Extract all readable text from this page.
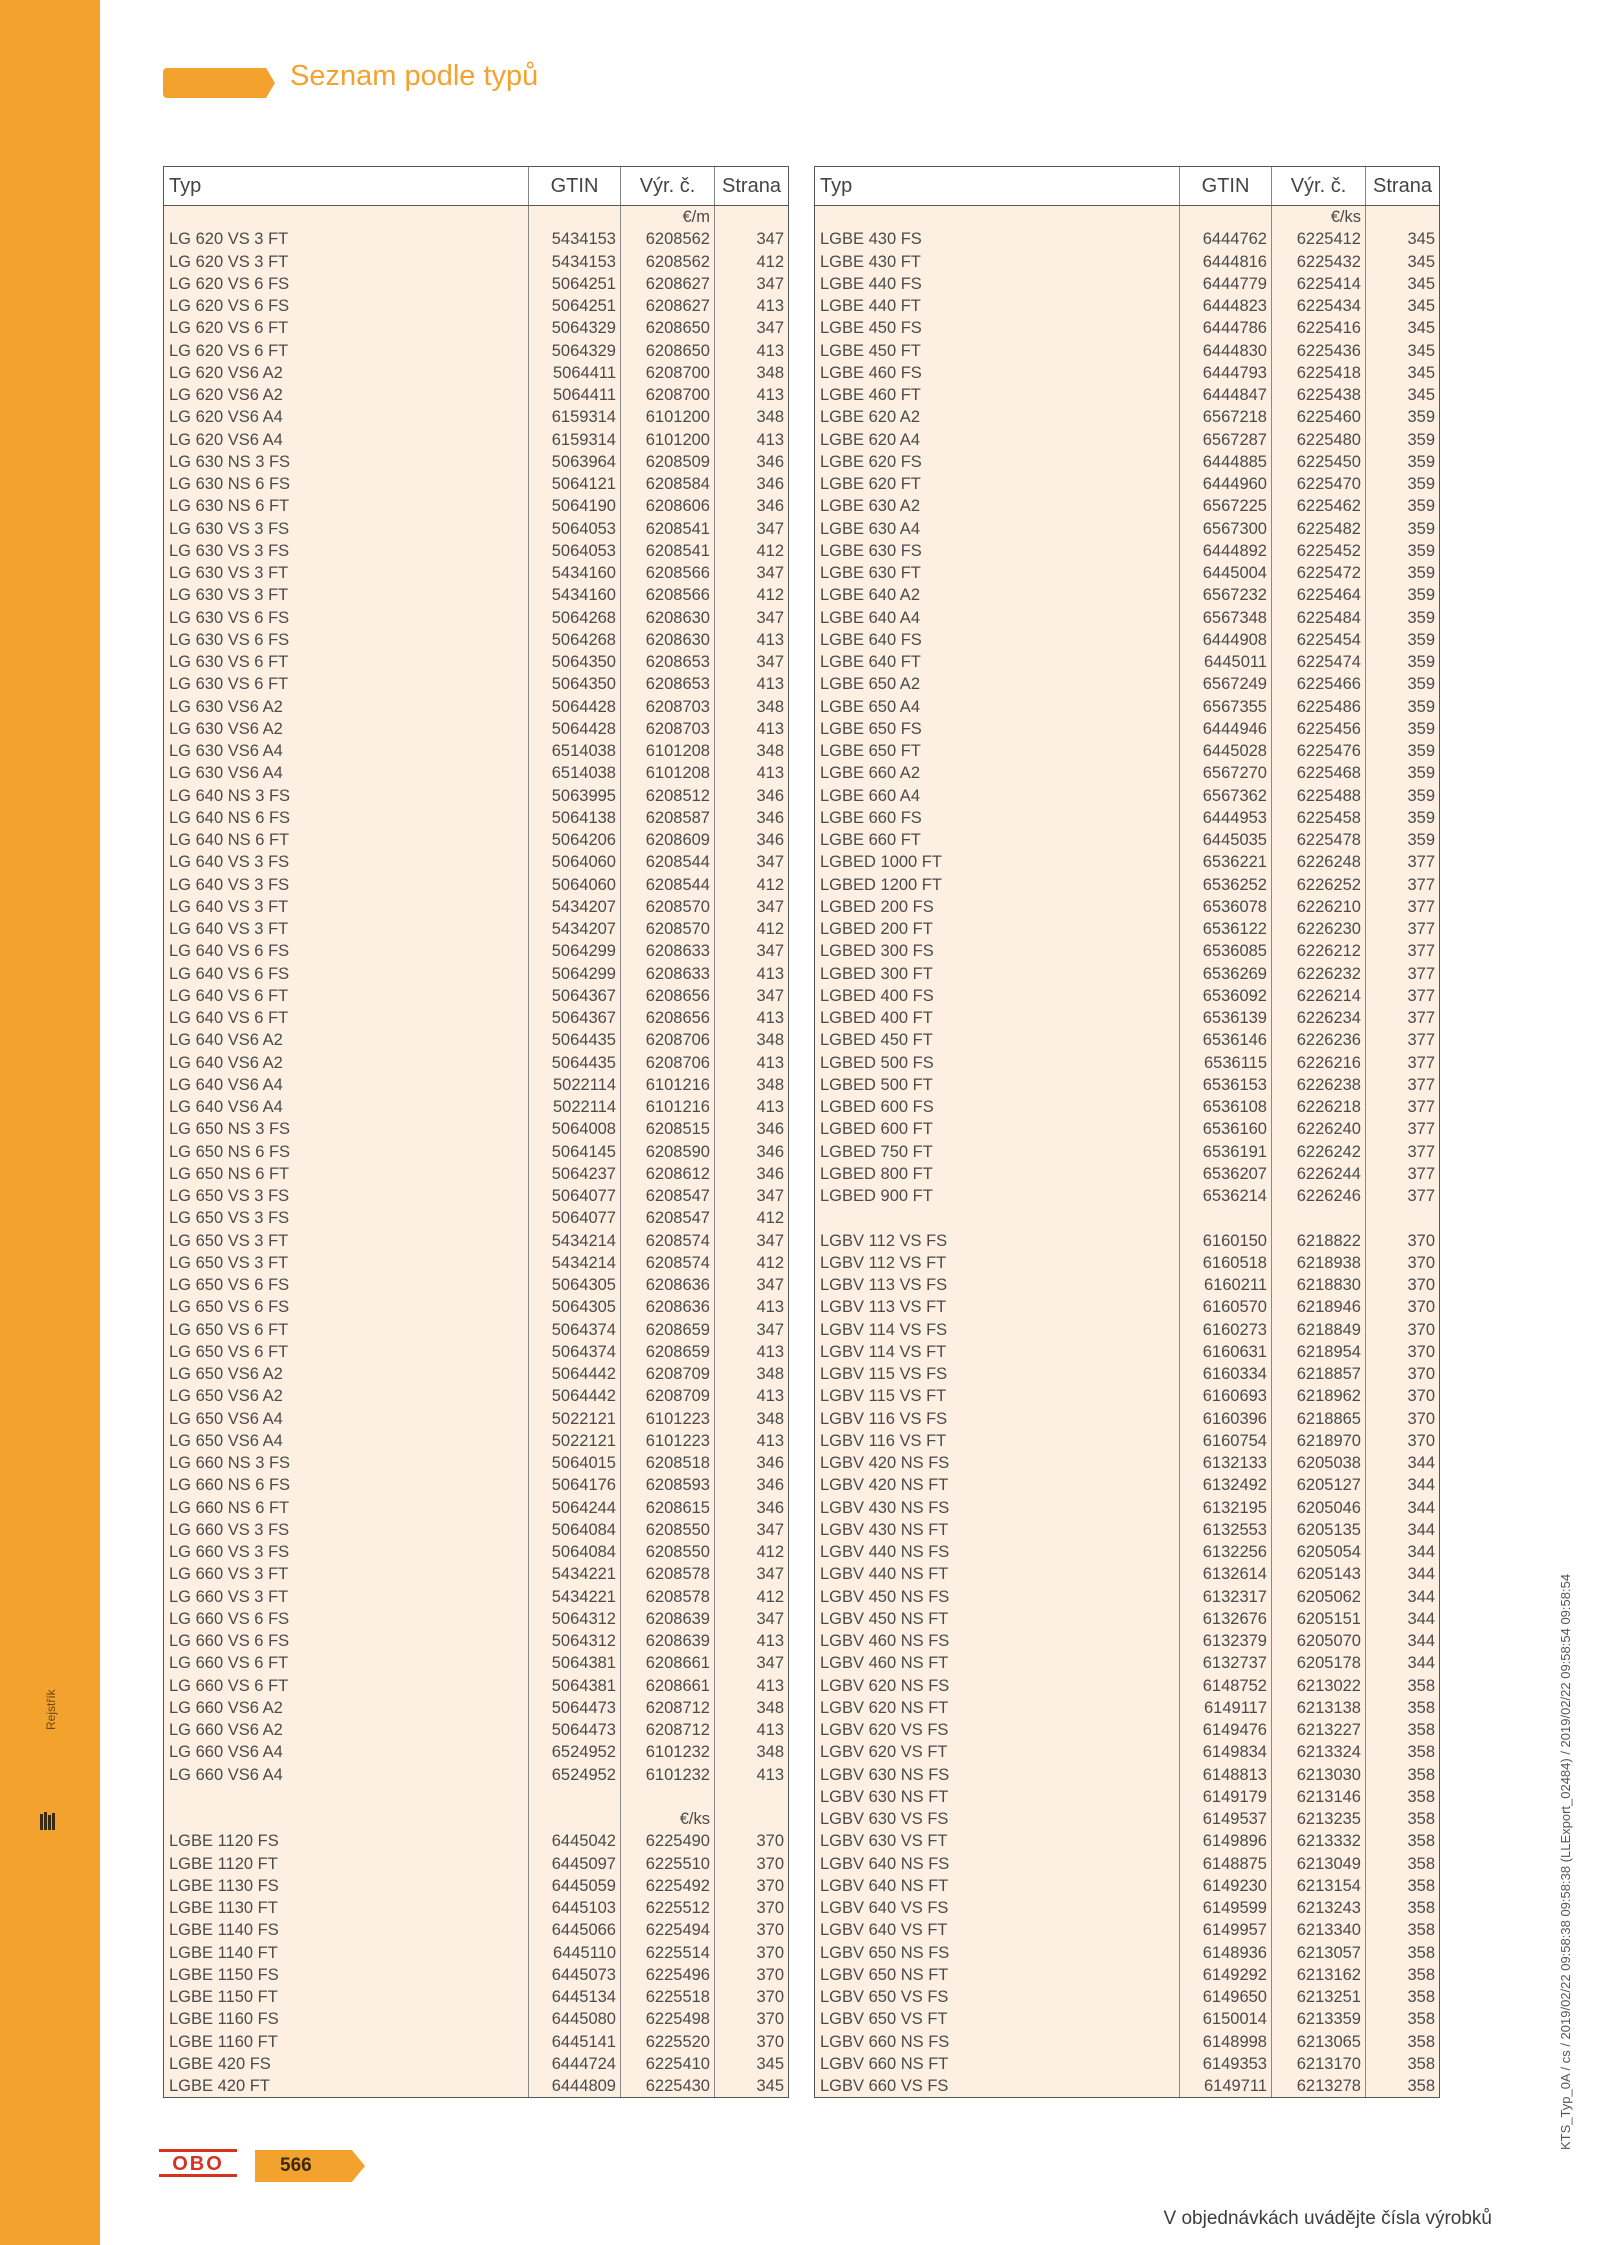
Rejstřík
Seznam podle typů
Typ	GTIN	Výr. č.	Strana
€/m
LG 620 VS 3 FT	5434153	6208562	347
LG 620 VS 3 FT	5434153	6208562	412
LG 620 VS 6 FS	5064251	6208627	347
LG 620 VS 6 FS	5064251	6208627	413
LG 620 VS 6 FT	5064329	6208650	347
LG 620 VS 6 FT	5064329	6208650	413
LG 620 VS6 A2	5064411	6208700	348
LG 620 VS6 A2	5064411	6208700	413
LG 620 VS6 A4	6159314	6101200	348
LG 620 VS6 A4	6159314	6101200	413
LG 630 NS 3 FS	5063964	6208509	346
LG 630 NS 6 FS	5064121	6208584	346
LG 630 NS 6 FT	5064190	6208606	346
LG 630 VS 3 FS	5064053	6208541	347
LG 630 VS 3 FS	5064053	6208541	412
LG 630 VS 3 FT	5434160	6208566	347
LG 630 VS 3 FT	5434160	6208566	412
LG 630 VS 6 FS	5064268	6208630	347
LG 630 VS 6 FS	5064268	6208630	413
LG 630 VS 6 FT	5064350	6208653	347
LG 630 VS 6 FT	5064350	6208653	413
LG 630 VS6 A2	5064428	6208703	348
LG 630 VS6 A2	5064428	6208703	413
LG 630 VS6 A4	6514038	6101208	348
LG 630 VS6 A4	6514038	6101208	413
LG 640 NS 3 FS	5063995	6208512	346
LG 640 NS 6 FS	5064138	6208587	346
LG 640 NS 6 FT	5064206	6208609	346
LG 640 VS 3 FS	5064060	6208544	347
LG 640 VS 3 FS	5064060	6208544	412
LG 640 VS 3 FT	5434207	6208570	347
LG 640 VS 3 FT	5434207	6208570	412
LG 640 VS 6 FS	5064299	6208633	347
LG 640 VS 6 FS	5064299	6208633	413
LG 640 VS 6 FT	5064367	6208656	347
LG 640 VS 6 FT	5064367	6208656	413
LG 640 VS6 A2	5064435	6208706	348
LG 640 VS6 A2	5064435	6208706	413
LG 640 VS6 A4	5022114	6101216	348
LG 640 VS6 A4	5022114	6101216	413
LG 650 NS 3 FS	5064008	6208515	346
LG 650 NS 6 FS	5064145	6208590	346
LG 650 NS 6 FT	5064237	6208612	346
LG 650 VS 3 FS	5064077	6208547	347
LG 650 VS 3 FS	5064077	6208547	412
LG 650 VS 3 FT	5434214	6208574	347
LG 650 VS 3 FT	5434214	6208574	412
LG 650 VS 6 FS	5064305	6208636	347
LG 650 VS 6 FS	5064305	6208636	413
LG 650 VS 6 FT	5064374	6208659	347
LG 650 VS 6 FT	5064374	6208659	413
LG 650 VS6 A2	5064442	6208709	348
LG 650 VS6 A2	5064442	6208709	413
LG 650 VS6 A4	5022121	6101223	348
LG 650 VS6 A4	5022121	6101223	413
LG 660 NS 3 FS	5064015	6208518	346
LG 660 NS 6 FS	5064176	6208593	346
LG 660 NS 6 FT	5064244	6208615	346
LG 660 VS 3 FS	5064084	6208550	347
LG 660 VS 3 FS	5064084	6208550	412
LG 660 VS 3 FT	5434221	6208578	347
LG 660 VS 3 FT	5434221	6208578	412
LG 660 VS 6 FS	5064312	6208639	347
LG 660 VS 6 FS	5064312	6208639	413
LG 660 VS 6 FT	5064381	6208661	347
LG 660 VS 6 FT	5064381	6208661	413
LG 660 VS6 A2	5064473	6208712	348
LG 660 VS6 A2	5064473	6208712	413
LG 660 VS6 A4	6524952	6101232	348
LG 660 VS6 A4	6524952	6101232	413
€/ks
LGBE 1120 FS	6445042	6225490	370
LGBE 1120 FT	6445097	6225510	370
LGBE 1130 FS	6445059	6225492	370
LGBE 1130 FT	6445103	6225512	370
LGBE 1140 FS	6445066	6225494	370
LGBE 1140 FT	6445110	6225514	370
LGBE 1150 FS	6445073	6225496	370
LGBE 1150 FT	6445134	6225518	370
LGBE 1160 FS	6445080	6225498	370
LGBE 1160 FT	6445141	6225520	370
LGBE 420 FS	6444724	6225410	345
LGBE 420 FT	6444809	6225430	345
Typ	GTIN	Výr. č.	Strana
€/ks
LGBE 430 FS	6444762	6225412	345
LGBE 430 FT	6444816	6225432	345
LGBE 440 FS	6444779	6225414	345
LGBE 440 FT	6444823	6225434	345
LGBE 450 FS	6444786	6225416	345
LGBE 450 FT	6444830	6225436	345
LGBE 460 FS	6444793	6225418	345
LGBE 460 FT	6444847	6225438	345
LGBE 620 A2	6567218	6225460	359
LGBE 620 A4	6567287	6225480	359
LGBE 620 FS	6444885	6225450	359
LGBE 620 FT	6444960	6225470	359
LGBE 630 A2	6567225	6225462	359
LGBE 630 A4	6567300	6225482	359
LGBE 630 FS	6444892	6225452	359
LGBE 630 FT	6445004	6225472	359
LGBE 640 A2	6567232	6225464	359
LGBE 640 A4	6567348	6225484	359
LGBE 640 FS	6444908	6225454	359
LGBE 640 FT	6445011	6225474	359
LGBE 650 A2	6567249	6225466	359
LGBE 650 A4	6567355	6225486	359
LGBE 650 FS	6444946	6225456	359
LGBE 650 FT	6445028	6225476	359
LGBE 660 A2	6567270	6225468	359
LGBE 660 A4	6567362	6225488	359
LGBE 660 FS	6444953	6225458	359
LGBE 660 FT	6445035	6225478	359
LGBED 1000 FT	6536221	6226248	377
LGBED 1200 FT	6536252	6226252	377
LGBED 200 FS	6536078	6226210	377
LGBED 200 FT	6536122	6226230	377
LGBED 300 FS	6536085	6226212	377
LGBED 300 FT	6536269	6226232	377
LGBED 400 FS	6536092	6226214	377
LGBED 400 FT	6536139	6226234	377
LGBED 450 FT	6536146	6226236	377
LGBED 500 FS	6536115	6226216	377
LGBED 500 FT	6536153	6226238	377
LGBED 600 FS	6536108	6226218	377
LGBED 600 FT	6536160	6226240	377
LGBED 750 FT	6536191	6226242	377
LGBED 800 FT	6536207	6226244	377
LGBED 900 FT	6536214	6226246	377
LGBV 112 VS FS	6160150	6218822	370
LGBV 112 VS FT	6160518	6218938	370
LGBV 113 VS FS	6160211	6218830	370
LGBV 113 VS FT	6160570	6218946	370
LGBV 114 VS FS	6160273	6218849	370
LGBV 114 VS FT	6160631	6218954	370
LGBV 115 VS FS	6160334	6218857	370
LGBV 115 VS FT	6160693	6218962	370
LGBV 116 VS FS	6160396	6218865	370
LGBV 116 VS FT	6160754	6218970	370
LGBV 420 NS FS	6132133	6205038	344
LGBV 420 NS FT	6132492	6205127	344
LGBV 430 NS FS	6132195	6205046	344
LGBV 430 NS FT	6132553	6205135	344
LGBV 440 NS FS	6132256	6205054	344
LGBV 440 NS FT	6132614	6205143	344
LGBV 450 NS FS	6132317	6205062	344
LGBV 450 NS FT	6132676	6205151	344
LGBV 460 NS FS	6132379	6205070	344
LGBV 460 NS FT	6132737	6205178	344
LGBV 620 NS FS	6148752	6213022	358
LGBV 620 NS FT	6149117	6213138	358
LGBV 620 VS FS	6149476	6213227	358
LGBV 620 VS FT	6149834	6213324	358
LGBV 630 NS FS	6148813	6213030	358
LGBV 630 NS FT	6149179	6213146	358
LGBV 630 VS FS	6149537	6213235	358
LGBV 630 VS FT	6149896	6213332	358
LGBV 640 NS FS	6148875	6213049	358
LGBV 640 NS FT	6149230	6213154	358
LGBV 640 VS FS	6149599	6213243	358
LGBV 640 VS FT	6149957	6213340	358
LGBV 650 NS FS	6148936	6213057	358
LGBV 650 NS FT	6149292	6213162	358
LGBV 650 VS FS	6149650	6213251	358
LGBV 650 VS FT	6150014	6213359	358
LGBV 660 NS FS	6148998	6213065	358
LGBV 660 NS FT	6149353	6213170	358
LGBV 660 VS FS	6149711	6213278	358
OBO	566
V objednávkách uvádějte čísla výrobků
KTS_Typ_0A / cs / 2019/02/22 09:58:38 09:58:38 (LLExport_02484) / 2019/02/22 09:58:54 09:58:54
